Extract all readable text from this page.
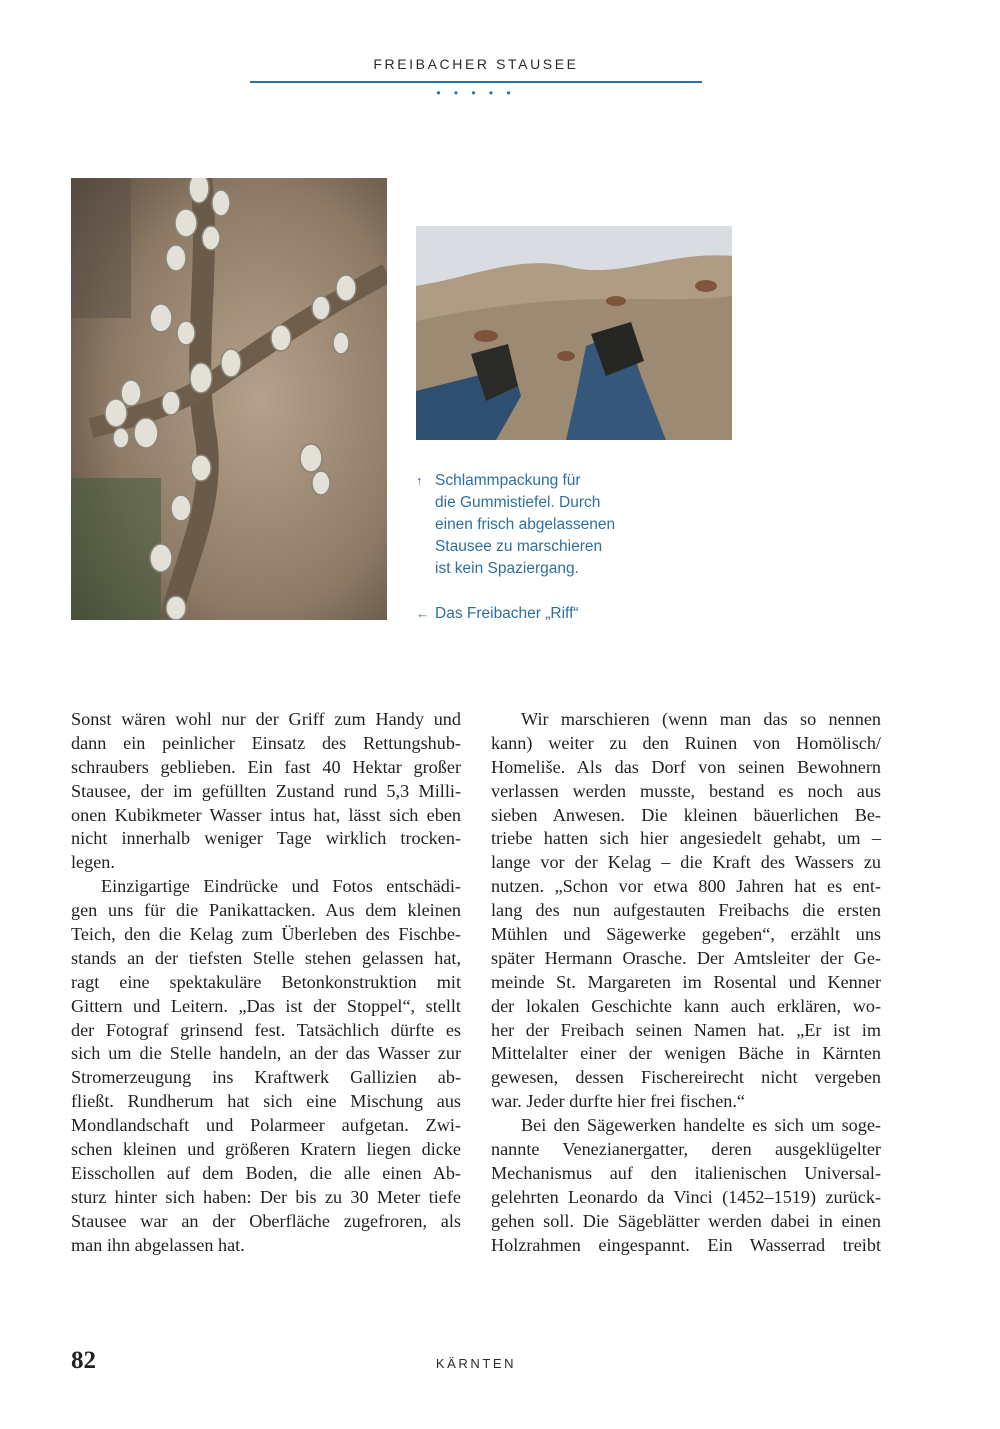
FREIBACHER STAUSEE
• • • • •
↑ Schlammpackung für
die Gummistiefel. Durch
einen frisch abgelassenen
Stausee zu marschieren
ist kein Spaziergang.
← Das Freibacher „Riff“
Sonst wären wohl nur der Griff zum Handy und
dann ein peinlicher Einsatz des Rettungshub-
schraubers geblieben. Ein fast 40 Hektar großer
Stausee, der im gefüllten Zustand rund 5,3 Milli-
onen Kubikmeter Wasser intus hat, lässt sich eben
nicht innerhalb weniger Tage wirklich trocken-
legen.
Einzigartige Eindrücke und Fotos entschädi-
gen uns für die Panikattacken. Aus dem kleinen
Teich, den die Kelag zum Überleben des Fischbe-
stands an der tiefsten Stelle stehen gelassen hat,
ragt eine spektakuläre Betonkonstruktion mit
Gittern und Leitern. „Das ist der Stoppel“, stellt
der Fotograf grinsend fest. Tatsächlich dürfte es
sich um die Stelle handeln, an der das Wasser zur
Stromerzeugung ins Kraftwerk Gallizien ab-
fließt. Rundherum hat sich eine Mischung aus
Mondlandschaft und Polarmeer aufgetan. Zwi-
schen kleinen und größeren Kratern liegen dicke
Eisschollen auf dem Boden, die alle einen Ab-
sturz hinter sich haben: Der bis zu 30 Meter tiefe
Stausee war an der Oberfläche zugefroren, als
man ihn abgelassen hat.
Wir marschieren (wenn man das so nennen
kann) weiter zu den Ruinen von Homölisch/
Homeliše. Als das Dorf von seinen Bewohnern
verlassen werden musste, bestand es noch aus
sieben Anwesen. Die kleinen bäuerlichen Be-
triebe hatten sich hier angesiedelt gehabt, um –
lange vor der Kelag – die Kraft des Wassers zu
nutzen. „Schon vor etwa 800 Jahren hat es ent-
lang des nun aufgestauten Freibachs die ersten
Mühlen und Sägewerke gegeben“, erzählt uns
später Hermann Orasche. Der Amtsleiter der Ge-
meinde St. Margareten im Rosental und Kenner
der lokalen Geschichte kann auch erklären, wo-
her der Freibach seinen Namen hat. „Er ist im
Mittelalter einer der wenigen Bäche in Kärnten
gewesen, dessen Fischereirecht nicht vergeben
war. Jeder durfte hier frei fischen.“
Bei den Sägewerken handelte es sich um soge-
nannte Venezianergatter, deren ausgeklügelter
Mechanismus auf den italienischen Universal-
gelehrten Leonardo da Vinci (1452–1519) zurück-
gehen soll. Die Sägeblätter werden dabei in einen
Holzrahmen eingespannt. Ein Wasserrad treibt
82	KÄRNTEN
